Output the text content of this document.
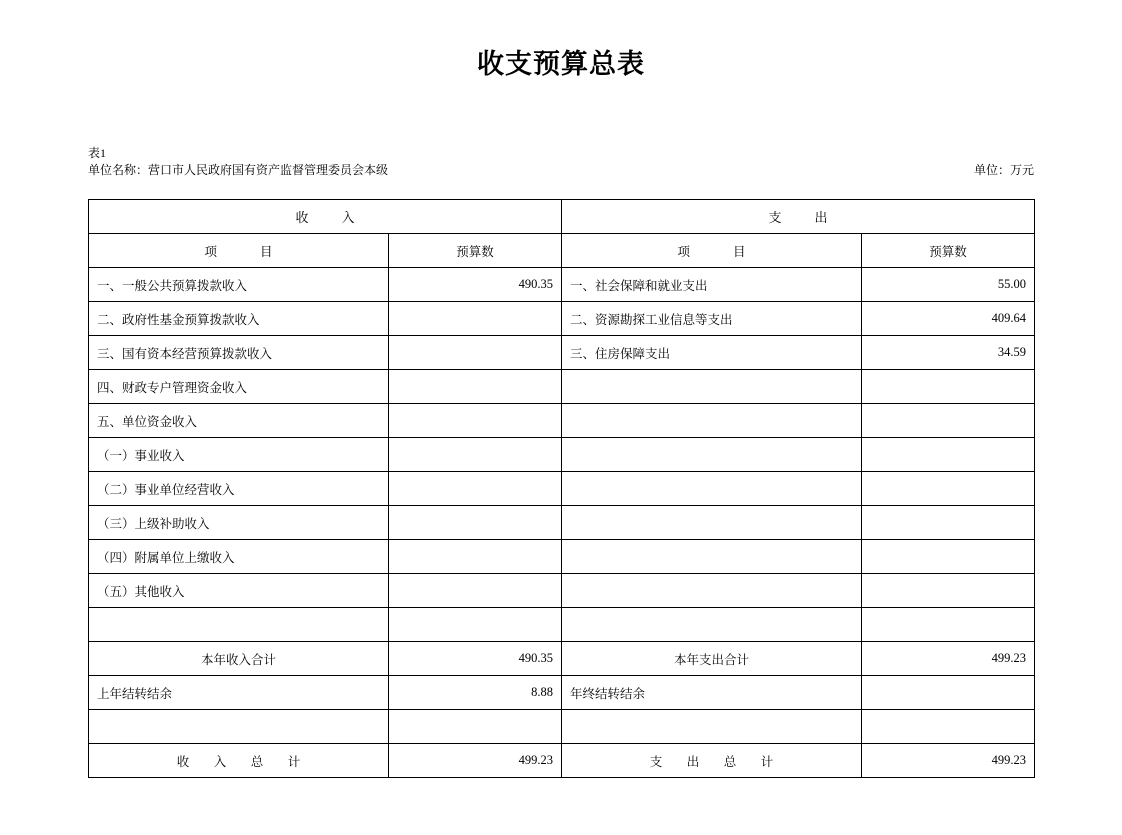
收支预算总表
表1
单位名称：营口市人民政府国有资产监督管理委员会本级	单位：万元
收　入		支　出	
项　　目	预算数	项　　目	预算数
一、一般公共预算拨款收入	490.35	一、社会保障和就业支出	55.00
二、政府性基金预算拨款收入		二、资源勘探工业信息等支出	409.64
三、国有资本经营预算拨款收入		三、住房保障支出	34.59
四、财政专户管理资金收入			
五、单位资金收入			
（一）事业收入			
（二）事业单位经营收入			
（三）上级补助收入			
（四）附属单位上缴收入			
（五）其他收入			

本年收入合计	490.35	本年支出合计	499.23
上年结转结余	8.88	年终结转结余	

收　入　总　计	499.23	支　出　总　计	499.23
